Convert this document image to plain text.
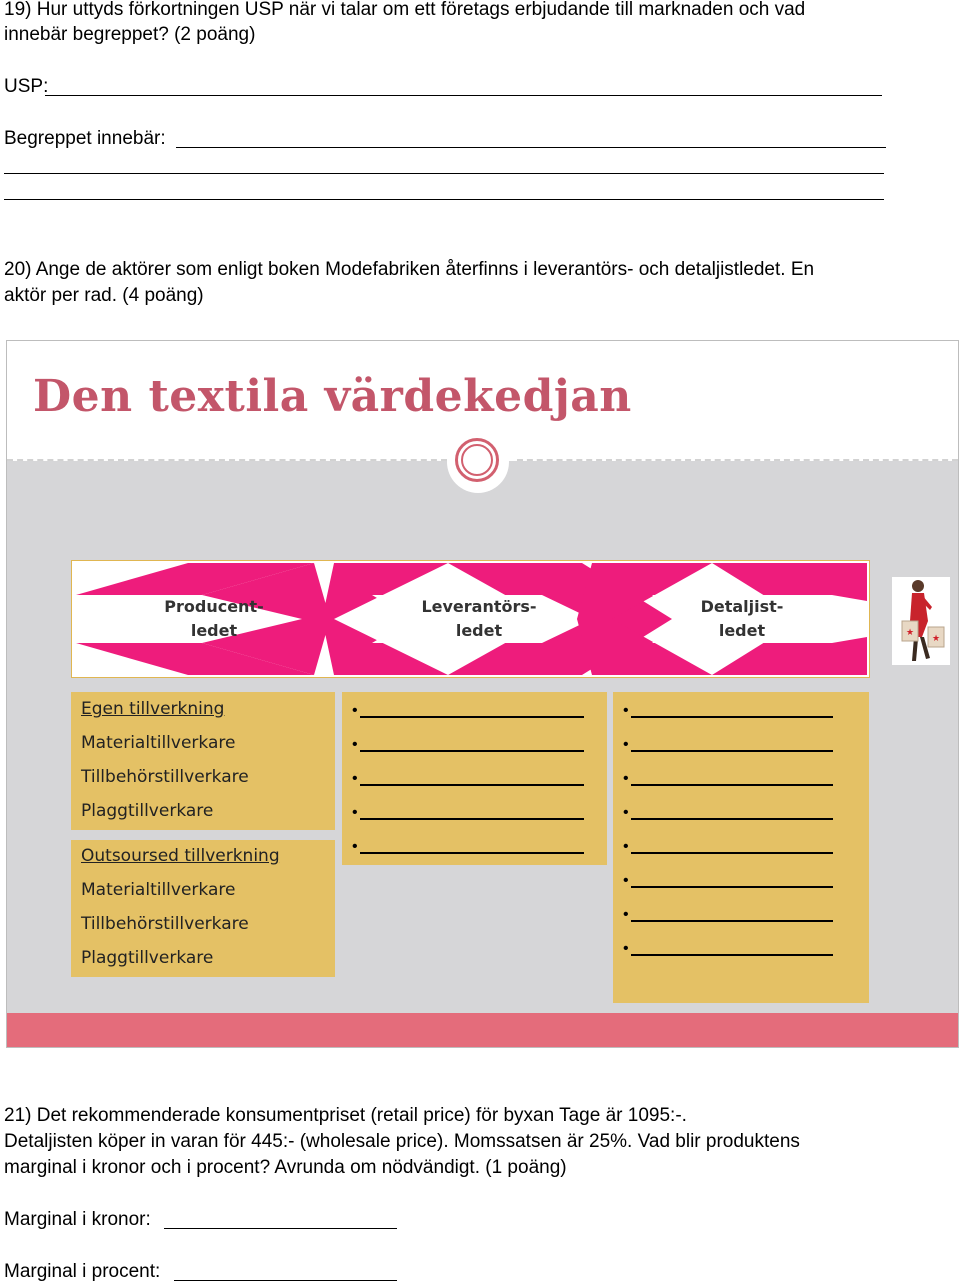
19) Hur uttyds förkortningen USP när vi talar om ett företags erbjudande till marknaden och vad
innebär begreppet? (2 poäng)
USP:
Begreppet innebär:
20) Ange de aktörer som enligt boken Modefabriken återfinns i leverantörs- och detaljistledet. En
aktör per rad. (4 poäng)
Den textila värdekedjan
Producent-
ledet
Leverantörs-
ledet
Detaljist-
ledet	★
★
Egen tillverkning
Materialtillverkare
Tillbehörstillverkare
Plaggtillverkare
Outsoursed tillverkning
Materialtillverkare
Tillbehörstillverkare
Plaggtillverkare
•
•
•
•
•
•
•
•
•
•
•
•
•
21) Det rekommenderade konsumentpriset (retail price) för byxan Tage är 1095:-.
Detaljisten köper in varan för 445:- (wholesale price). Momssatsen är 25%. Vad blir produktens
marginal i kronor och i procent? Avrunda om nödvändigt. (1 poäng)
Marginal i kronor:
Marginal i procent:
